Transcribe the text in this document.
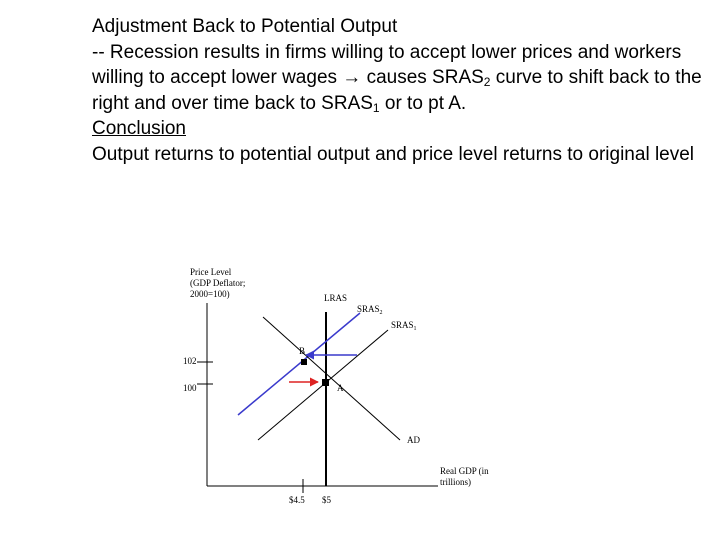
Adjustment Back to Potential Output

-- Recession results in firms willing to accept lower prices and workers willing to accept lower wages → causes $SRAS_2$ curve to shift back to the right and over time back to $SRAS_1$ or to pt A.

Conclusion

Output returns to potential output and price level returns to original level

Price Level
(GDP Deflator;
2000=100)
102
100
$4.5 $5
LRAS
$SRAS_2$
$SRAS_1$
AD
B
A
Real GDP (in
trillions)
